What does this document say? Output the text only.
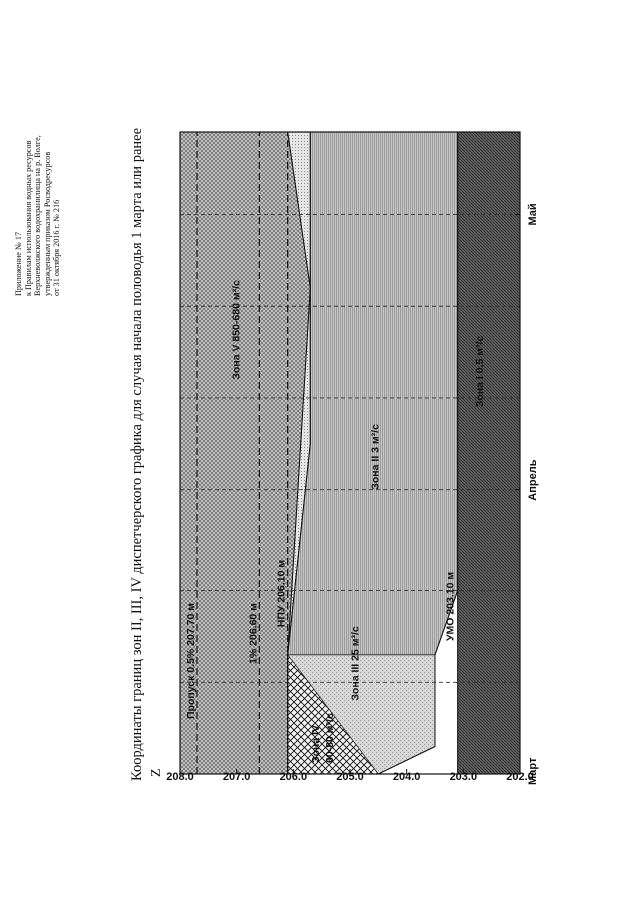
Приложение № 17 к Правилам использования водных ресурсов Верхневолжского водохранилища на р. Волге, утвержденным приказом Росводресурсов от 31 октября 2016 г. № 216	Координаты границ зон II, III, IV диспетчерского графика для случая начала половодья 1 марта или ранее Z
Пропуск 0.5% 207.70 м	1% 206.60 м
НПУ 206.10 м
202.0
203.0
204.0
205.0
206.0
207.0
208.0	Март
Апрель
Май
Зона V 850-680 м³/с
Зона IV 60-80 м³/с
Зона III 25 м³/с
Зона II 3 м³/с
Зона I 0,5 м³/с
УМО 203.10 м
